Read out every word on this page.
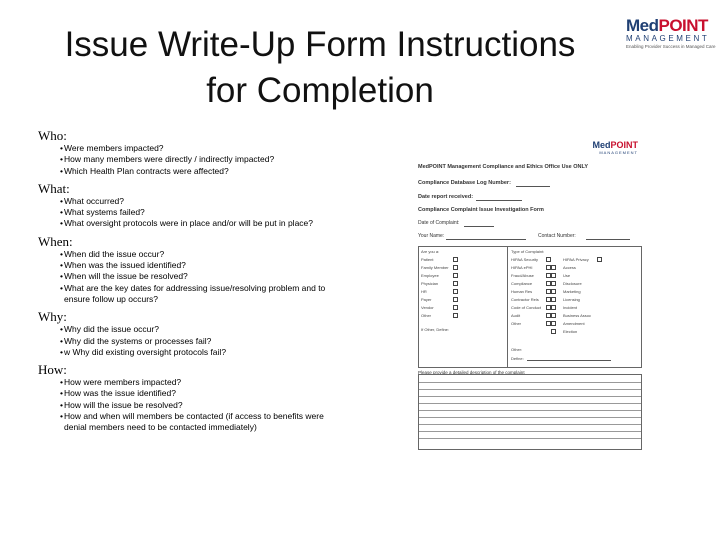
Issue Write-Up Form Instructions
for Completion
MedPOINT
MANAGEMENT
Enabling Provider Success in Managed Care
Who:
• Were members impacted?
• How many members were directly / indirectly impacted?
• Which Health Plan contracts were affected?
What:
• What occurred?
• What systems failed?
• What oversight protocols were in place and/or will be put in place?
When:
• When did the issue occur?
• When was the issued identified?
• When will the issue be resolved?
• What are the key dates for addressing issue/resolving problem and to ensure follow up occurs?
Why:
• Why did the issue occur?
• Why did the systems or processes fail?
• w Why did existing oversight protocols fail?
How:
• How were members impacted?
• How was the issue identified?
• How will the issue be resolved?
• How and when will members be contacted (if access to benefits were denial members need to be contacted immediately)
MedPOINT
MANAGEMENT
MedPOINT Management Compliance and Ethics Office Use ONLY
Compliance Database Log Number:
Date report received:
Compliance Complaint Issue Investigation Form
Date of Complaint:
Your Name:	Contact Number:
Are you a:
Patient
Family Member
Employee
Physician
HR
Payer
Vendor
Other
If Other, Define:
Type of Complaint:
HIPAA Security
HIPAA ePHI
Fraud/Abuse
Compliance
Human Res
Contractor Rels
Code of Conduct
Audit
Other
HIPAA Privacy
Access
Use
Disclosure
Marketing
Licensing
Incident
Business Assoc
Amendment
Election
Other:
Define:
Please provide a detailed description of the complaint
